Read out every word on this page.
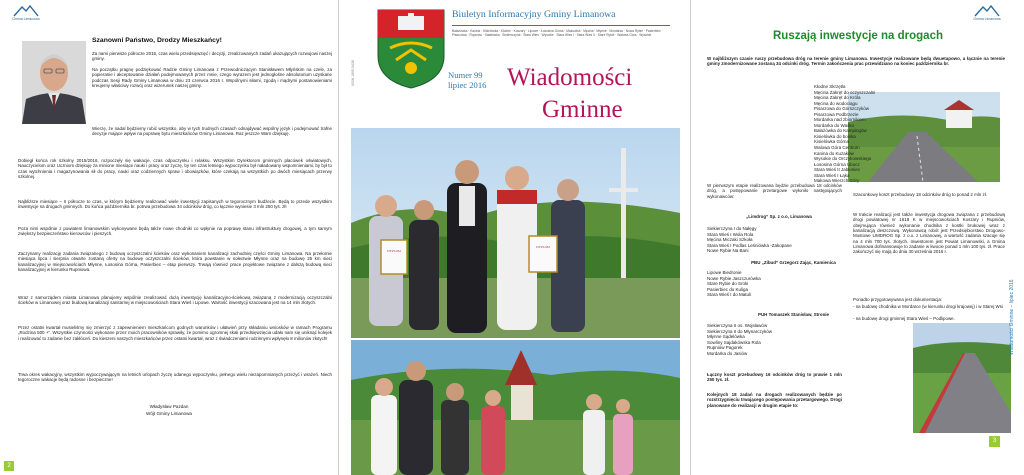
Gmina Limanowa
Szanowni Państwo, Drodzy Mieszkańcy!

Za nami pierwsze półrocze 2016, czas wielu przedsięwzięć i decyzji, zrealizowanych zadań ukazujących rozwojowi naszej gminy.

Na początku pragnę podziękować Radzie Gminy Limanowa z Przewodniczącym Stanisławem Młyńskim na czele, za popieranie i akceptowanie działań podejmowanych przez mnie, czego wyrazem jest jednogłośne absolutorium uzyskane podczas Sesji Rady Gminy Limanowa w dniu 23 czerwca 2016 r. Wspólnymi siłami, zgodą i mądrymi postanowieniami kreujemy właściwy rozwój oraz wizerunek naszej gminy.

Wierzę, że nadal będziemy robić wszystko, aby w tych trudnych czasach odnajdywać wspólny język i podejmować trafne decyzje mające wpływ na poprawę bytu mieszkańców Gminy Limanowa. Raz jeszcze Wam dziękuję.

Dobiegł końca rok szkolny 2015/2016, rozpoczęły się wakacje, czas odpoczynku i relaksu. Wszystkim Dyrektorom gminnych placówek oświatowych, Nauczycielom oraz Uczniom dziękuję za minione miesiące nauki i pracy oraz życzę, by ten czas letniego wypoczynku był naładowany wspomnieniami, by był to czas wytchnienia i magazynowania sił do pracy, nauki oraz codziennych spraw i obowiązków, które czekają na wszystkich po dwóch miesiącach przerwy szkolnej.

Najbliższe miesiące – II półrocze to czas, w którym będziemy realizować wiele inwestycji zapisanych w tegorocznym budżecie. Będą to przede wszystkim inwestycje na drogach gminnych. Do końca października br. potrwa przebudowa 34 odcinków dróg, co łącznie wyniesie 3 mln 250 tys. zł!

Poza nimi wspólnie z powiatem limanowskim wykonywane będą także nowe chodniki co wpłynie na poprawę stanu infrastruktury drogowej, a tym samym zwiększy bezpieczeństwo kierowców i pieszych.

Zaczynamy realizację zadania związanego z budową oczyszczalni ścieków oraz wykonaniem kanalizacji zachodniej części Gminy Limanowa. Na przełomie miesiąca lipca i sierpnia otwarte zostaną oferty na budowę oczyszczalni ścieków, która powstanie w sołectwie Młynne oraz na budowę 25 km sieci kanalizacyjnej w miejscowościach Młynne, Łososina Górna, Pasierbiec – etap pierwszy. Trwają również prace projektowe związane z dalszą budową sieci kanalizacyjnej w kierunku Rupniowa.

Wraz z samorządem miasta Limanowa planujemy wspólnie zrealizować dużą inwestycję kanalizacyjno-ściekową związaną z modernizacją oczyszczalni ścieków w Limanowej oraz budową kanalizacji sanitarnej w miejscowościach Stara Wieś i Lipowe. Wartość inwestycji szacowana jest na 14 mln złotych.

Przez ostatni kwartał musieliśmy się zmierzyć z zapewnieniem mieszkańcom godnych warunków i ułatwień przy składaniu wniosków w ramach Programu „Rodzina 500 +”. Wszystkie czynności wykonane przez moich pracowników sprawiły, że pomimo ogromnej skali przedsięwzięcia udało nam się uniknąć kolejek i realizować to zadanie bez zakłóceń. Do kieszeni naszych mieszkańców przez ostatni kwartał, wraz z świadczeniami rodzinnymi wpłynęło 8 milionów złotych!

Trwa okres wakacyjny, wszystkim wypoczywającym na letnich urlopach życzę udanego wypoczynku, pełnego wielu niezapomnianych przeżyć i wrażeń. Niech tegoroczne wakacje będą radosne i bezpieczne!

Władysław Pazdan
Wójt Gminy Limanowa
2
Biuletyn Informacyjny Gminy Limanowa
Bałażówka · Kanina · Kisielówka · Kłodne · Koszary · Lipowe · Łososina Górna · Makowica · Męcina · Młynne · Mordarka · Nowa Rybie · Pasierbiec · Pisarzowa · Rupniów · Sałatówka · Siekierczyna · Stara Wieś · Wysokie · Stara Wieś I · Stara Wieś II · Stare Rybie · Walowa Góra · Wysokie
ISSN 1899-5438	Numer 99
lipiec 2016 Wiadomości
Gminne
DYPLOM
DYPLOM
Gmina Limanowa
Ruszają inwestycje na drogach

W najbliższym czasie ruszy przebudowa dróg na terenie gminy Limanowa. Inwestycje realizowane będą dwuetapowo, a łącznie na terenie gminy zmodernizowane zostaną 34 odcinki dróg. Termin zakończenia prac przewidziano na koniec października br.

Kłodne Skrzętla
Męcina Zakręt do oczyszczalni
Męcina Zakręt do Króla
Męcina do wodociągu
Pisarzowa do Górszczyków
Pisarzowa Podbrzezie
Mordarka nad zbiornikiem
Mordarka do Waśko
Bałażówka do Kampingów
Kisielówka do boiska
Kisielówka Górna
Walowa Góra Centrum
Kanina do Kuzaków
Wysokie do Orczykowskiego
Łososina Górna Ubocz
Stara Wieś II Jabłoniec
Stara Wieś I Łąka
Makowa Wierzch Góry

W pierwszym etapie realizowana będzie przebudowa 18 odcinków dróg, a postępowanie przetargowe wyłoniło następujących wykonawców:

„Limdrog” Sp. z o.o, Limanowa
Siekierczyna I do Nałęgy
Stara Wieś I Wola Rola
Męcina Miczaki Szkoła
Stara Wieś I Podlas Leśniówka -Zakopane
Nowe Rybie Na Bani
PBU „Zibud” Grzegorz Zając, Kamienica
Lipowe Biedronie
Nowe Rybie Jaszczurówka
Stare Rybie do Sroki
Pasierbiec do Kuliga
Stara Wieś I do Matuli
PUH Tomaszek Stanisław, Stronie
Siekierczyna II os. Wojsławów
Siekierczyna II do Młynarczyków
Młynne Sądelówka
Sowliny Sajdakówska Rola
Rupniów Pagorek
Mordarka do Jasiów

Łączny koszt przebudowy 16 odcinków dróg to prawie 1 mln 250 tys. zł.

Kolejnych 18 zadań na drogach realizowanych będzie po rozstrzygnięciu trwającego postępowania przetargowego. Drogi planowane do realizacji w drugim etapie to:

Szacunkowy koszt przebudowy 18 odcinków dróg to ponad 2 mln zł.

W trakcie realizacji jest także inwestycja drogowa związana z przebudową drogi powiatowej nr 1618 K w miejscowościach Koszary i Rupniów, obejmująca również wykonanie chodnika z kostki brukowej wraz z kanalizacją deszczową. Wykonawcą robót jest Przedsiębiorstwo Drogowo-Mostowe LIMDROG Sp. z o.o. z Limanowej, a wartość zadania szacuje się na 4 mln 700 tys. złotych. Inwestorem jest Powiat Limanowski, a Gmina Limanowa dofinansowuje to zadanie w kwocie ponad 1 mln 100 tys. zł. Prace zakończyć się mają do dnia 30 września 2016 r.

Ponadto przygotowywana jest dokumentacja:

- na budowę chodnika w Mordarce (w kierunku drogi krajowej) i w Starej Wsi

- na budowę drogi gminnej Stara Wieś – Podlipowe.	Wiadomości Gminne – lipiec 2016
3
